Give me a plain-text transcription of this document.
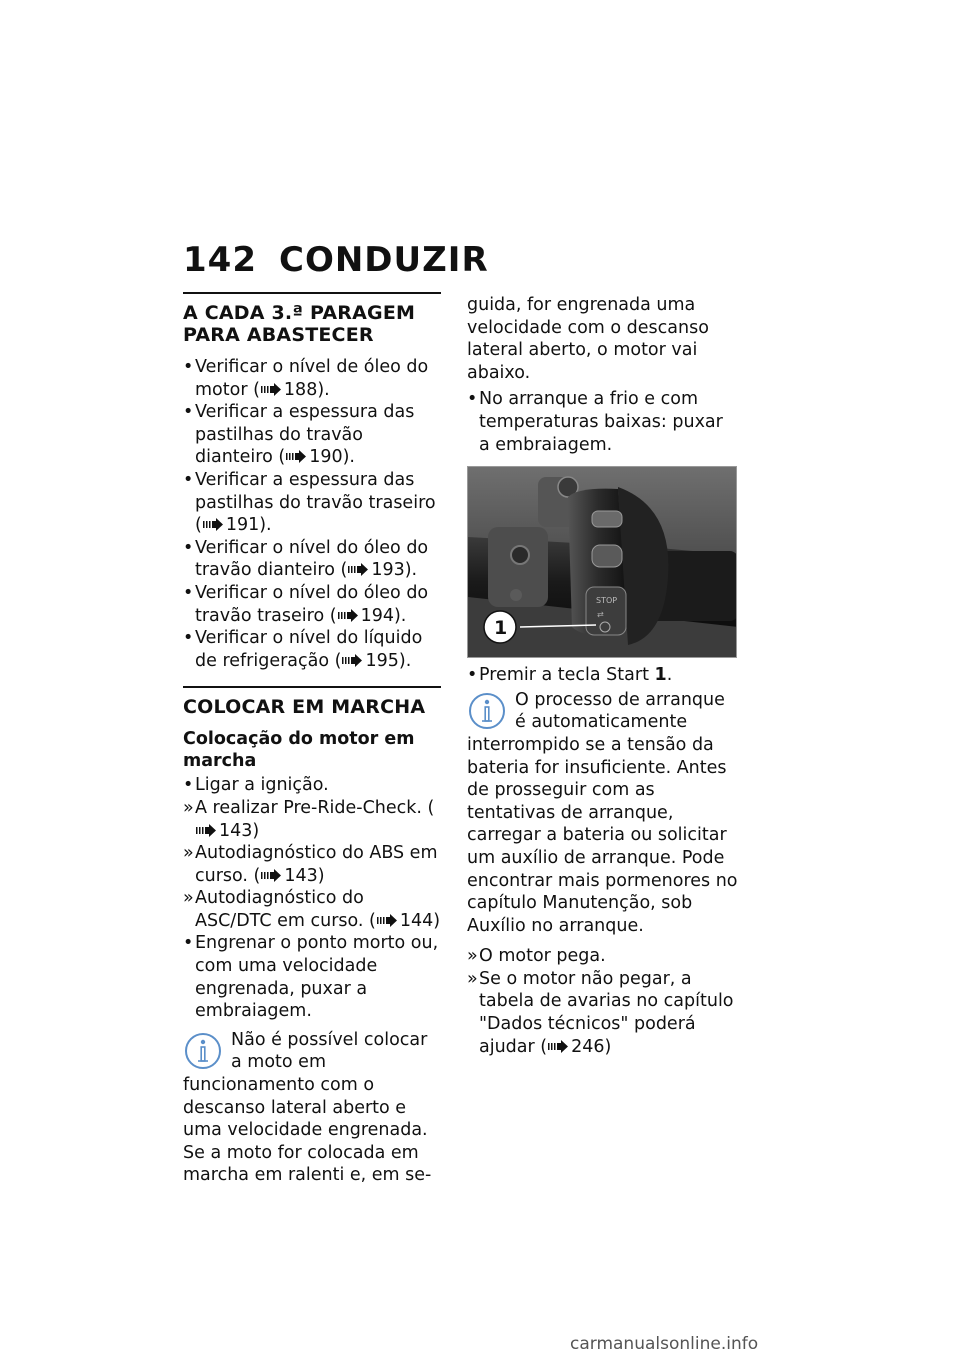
142 CONDUZIR
A CADA 3.ª PARAGEM PARA ABASTECER
• Verificar o nível de óleo do motor ( 188).
• Verificar a espessura das pastilhas do travão dianteiro ( 190).
• Verificar a espessura das pastilhas do travão traseiro ( 191).
• Verificar o nível do óleo do travão dianteiro ( 193).
• Verificar o nível do óleo do travão traseiro ( 194).
• Verificar o nível do líquido de refrigeração ( 195).
COLOCAR EM MARCHA
Colocação do motor em marcha
• Ligar a ignição.
» A realizar Pre-Ride-Check. (143)
» Autodiagnóstico do ABS em curso. ( 143)
» Autodiagnóstico do ASC/DTC em curso. ( 144)
• Engrenar o ponto morto ou, com uma velocidade engrenada, puxar a embraiagem.

Não é possível colocar a moto em funcionamento com o descanso lateral aberto e uma velocidade engrenada. Se a moto for colocada em marcha em ralenti e, em se-

guida, for engrenada uma velocidade com o descanso lateral aberto, o motor vai abaixo.

• No arranque a frio e com temperaturas baixas: puxar a embraiagem.
STOP
⇄
1
• Premir a tecla Start 1.

O processo de arranque é automaticamente interrompido se a tensão da bateria for insuficiente. Antes de prosseguir com as tentativas de arranque, carregar a bateria ou solicitar um auxílio de arranque. Pode encontrar mais pormenores no capítulo Manutenção, sob Auxílio no arranque.

» O motor pega.
» Se o motor não pegar, a tabela de avarias no capítulo "Dados técnicos" poderá ajudar ( 246)
carmanualsonline.info
